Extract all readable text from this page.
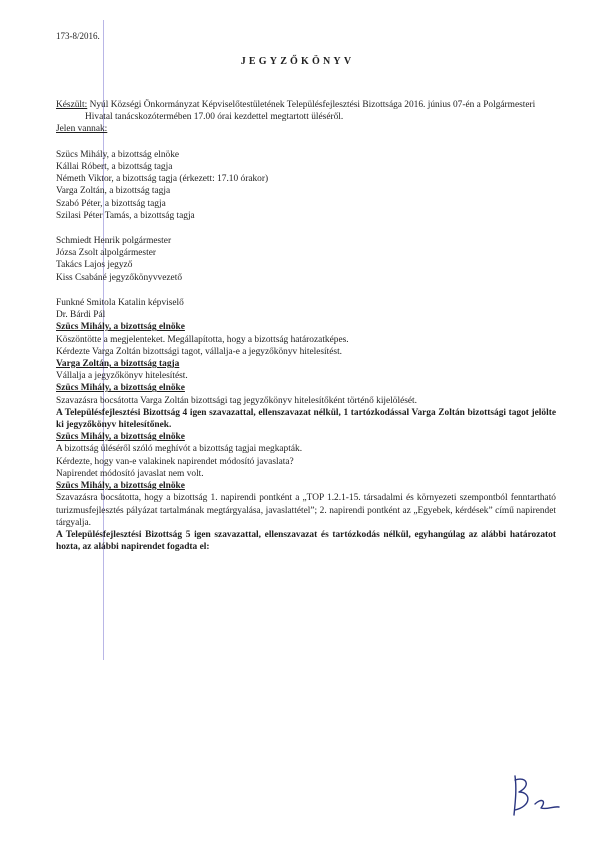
173-8/2016.
JEGYZŐKÖNYV

Készült: Nyúl Községi Önkormányzat Képviselőtestületének Településfejlesztési Bizottsága 2016. június 07-én a Polgármesteri Hivatal tanácskozótermében 17.00 órai kezdettel megtartott üléséről.

Jelen vannak:

Szücs Mihály, a bizottság elnöke

Kállai Róbert, a bizottság tagja

Németh Viktor, a bizottság tagja (érkezett: 17.10 órakor)

Varga Zoltán, a bizottság tagja

Szabó Péter, a bizottság tagja

Szilasi Péter Tamás, a bizottság tagja

Schmiedt Henrik polgármester

Józsa Zsolt alpolgármester

Takács Lajos jegyző

Kiss Csabáné jegyzőkönyvvezető

Funkné Smitola Katalin képviselő

Dr. Bárdi Pál

Szücs Mihály, a bizottság elnöke

Köszöntötte a megjelenteket. Megállapította, hogy a bizottság határozatképes.

Kérdezte Varga Zoltán bizottsági tagot, vállalja-e a jegyzőkönyv hitelesítést.

Varga Zoltán, a bizottság tagja

Vállalja a jegyzőkönyv hitelesítést.

Szücs Mihály, a bizottság elnöke

Szavazásra bocsátotta Varga Zoltán bizottsági tag jegyzőkönyv hitelesítőként történő kijelölését.

A Településfejlesztési Bizottság 4 igen szavazattal, ellenszavazat nélkül, 1 tartózkodással Varga Zoltán bizottsági tagot jelölte ki jegyzőkönyv hitelesítőnek.

Szücs Mihály, a bizottság elnöke

A bizottság üléséről szóló meghívót a bizottság tagjai megkapták.

Kérdezte, hogy van-e valakinek napirendet módosító javaslata?

Napirendet módosító javaslat nem volt.

Szücs Mihály, a bizottság elnöke

Szavazásra bocsátotta, hogy a bizottság 1. napirendi pontként a „TOP 1.2.1-15. társadalmi és környezeti szempontból fenntartható turizmusfejlesztés pályázat tartalmának megtárgyalása, javaslattétel”; 2. napirendi pontként az „Egyebek, kérdések” című napirendet tárgyalja.

A Településfejlesztési Bizottság 5 igen szavazattal, ellenszavazat és tartózkodás nélkül, egyhangúlag az alábbi határozatot hozta, az alábbi napirendet fogadta el:
